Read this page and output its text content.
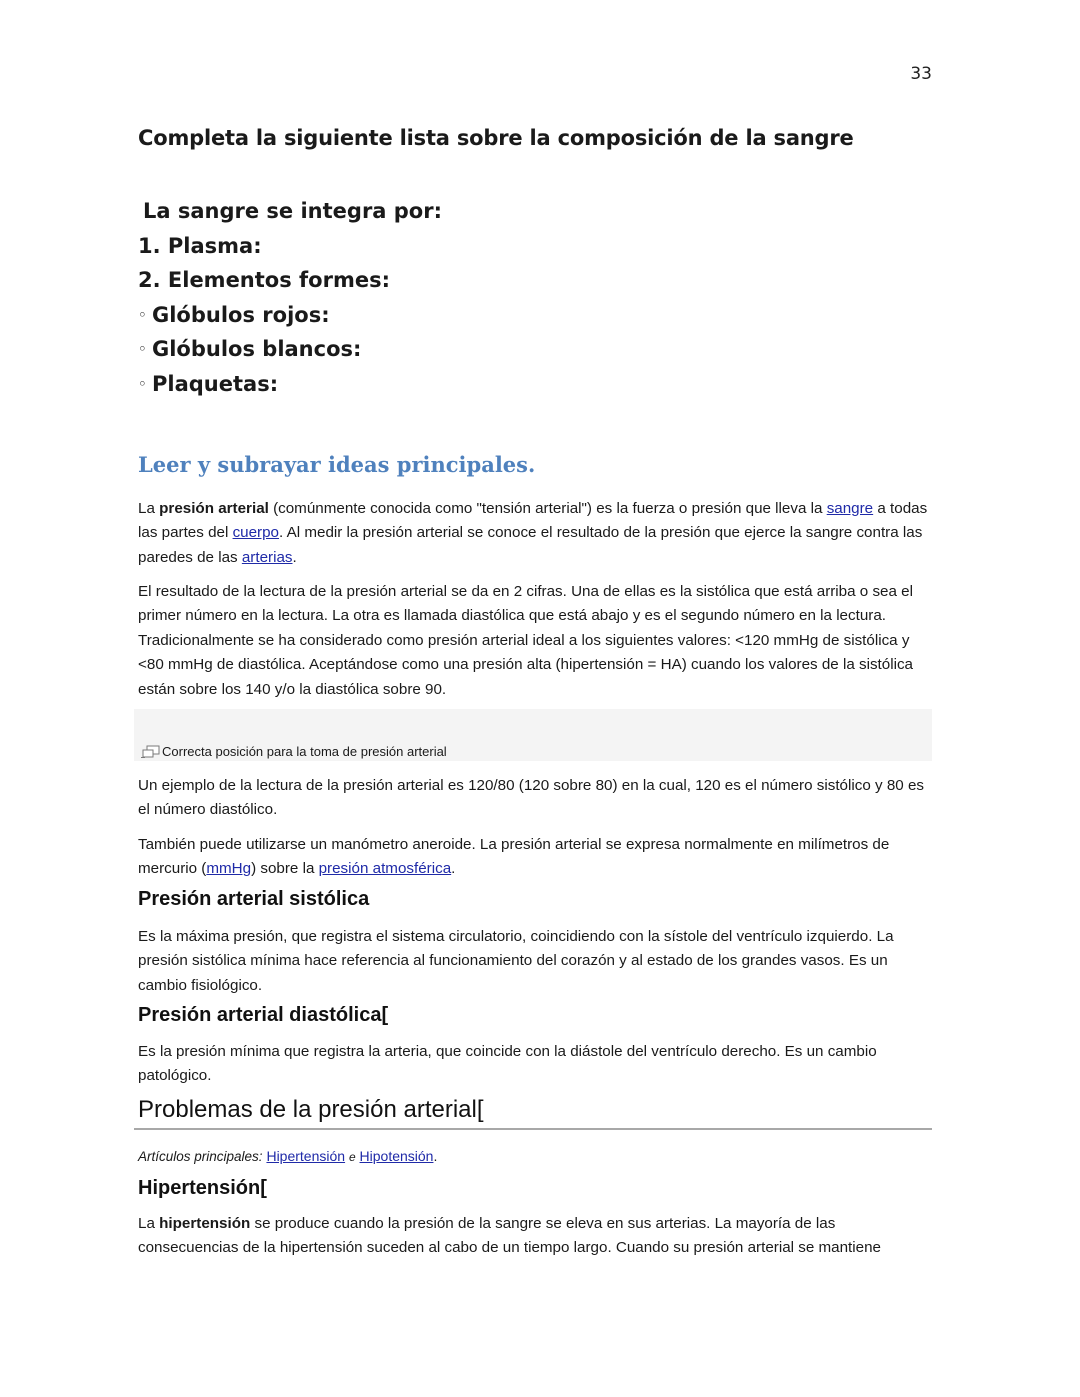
33
Completa la siguiente lista sobre la composición de la sangre
La sangre se integra por:
1. Plasma:
2. Elementos formes:
◦ Glóbulos rojos:
◦ Glóbulos blancos:
◦ Plaquetas:
Leer y subrayar ideas principales.
La presión arterial (comúnmente conocida como "tensión arterial") es la fuerza o presión que lleva la sangre a todas las partes del cuerpo. Al medir la presión arterial se conoce el resultado de la presión que ejerce la sangre contra las paredes de las arterias.
El resultado de la lectura de la presión arterial se da en 2 cifras. Una de ellas es la sistólica que está arriba o sea el primer número en la lectura. La otra es llamada diastólica que está abajo y es el segundo número en la lectura. Tradicionalmente se ha considerado como presión arterial ideal a los siguientes valores: <120 mmHg de sistólica y <80 mmHg de diastólica. Aceptándose como una presión alta (hipertensión = HA) cuando los valores de la sistólica están sobre los 140 y/o la diastólica sobre 90.
Correcta posición para la toma de presión arterial
Un ejemplo de la lectura de la presión arterial es 120/80 (120 sobre 80) en la cual, 120 es el número sistólico y 80 es el número diastólico.
También puede utilizarse un manómetro aneroide. La presión arterial se expresa normalmente en milímetros de mercurio (mmHg) sobre la presión atmosférica.
Presión arterial sistólica
Es la máxima presión, que registra el sistema circulatorio, coincidiendo con la sístole del ventrículo izquierdo. La presión sistólica mínima hace referencia al funcionamiento del corazón y al estado de los grandes vasos. Es un cambio fisiológico.
Presión arterial diastólica[
Es la presión mínima que registra la arteria, que coincide con la diástole del ventrículo derecho. Es un cambio patológico.
Problemas de la presión arterial[
Artículos principales: Hipertensión e Hipotensión.
Hipertensión[
La hipertensión se produce cuando la presión de la sangre se eleva en sus arterias. La mayoría de las consecuencias de la hipertensión suceden al cabo de un tiempo largo. Cuando su presión arterial se mantiene
